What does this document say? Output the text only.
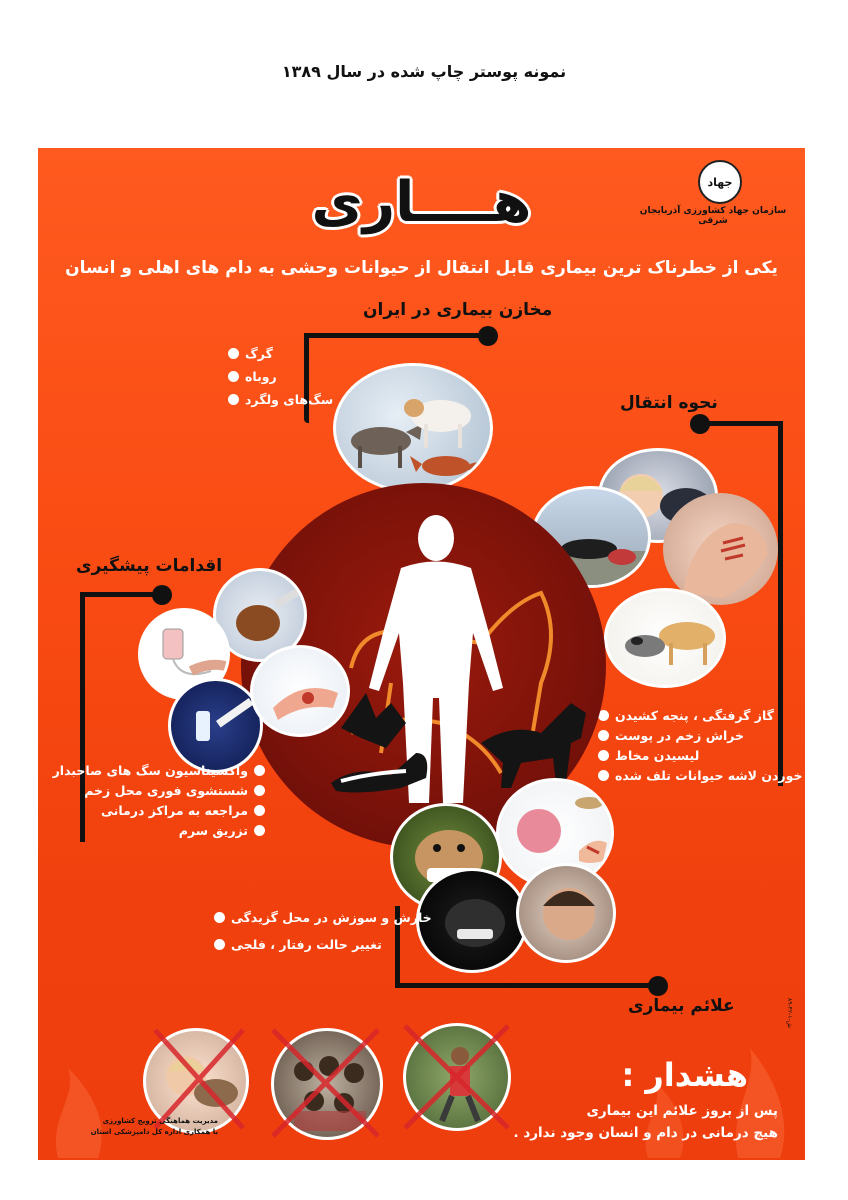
نمونه پوستر چاپ شده در سال ۱۳۸۹
هــــاری	جهاد
سازمان جهاد کشاورزی آذربایجان شرقی
یکی از خطرناک ترین بیماری قابل انتقال از حیوانات وحشی به دام های اهلی و انسان
مخازن بیماری در ایران
گرگ
روباه
سگ‌های ولگرد	نحوه انتقال
گاز گرفتگی ، پنجه کشیدن
خراش زخم در پوست
لیسیدن مخاط
خوردن لاشه حیوانات تلف شده
اقدامات پیشگیری
واکسیناسیون سگ های صاحبدار
شستشوی فوری محل زخم
مراجعه به مراکز درمانی
تزریق سرم
علائم بیماری
خارش و سوزش در محل گزیدگی
تغییر حالت رفتار ، فلجی
هشدار :
پس از بروز علائم این بیماری
هیچ درمانی در دام و انسان وجود ندارد .
مدیریت هماهنگی ترویج کشاورزی
با همکاری اداره کل دامپزشکی استان
۸۹-۴۲-ش-۱
